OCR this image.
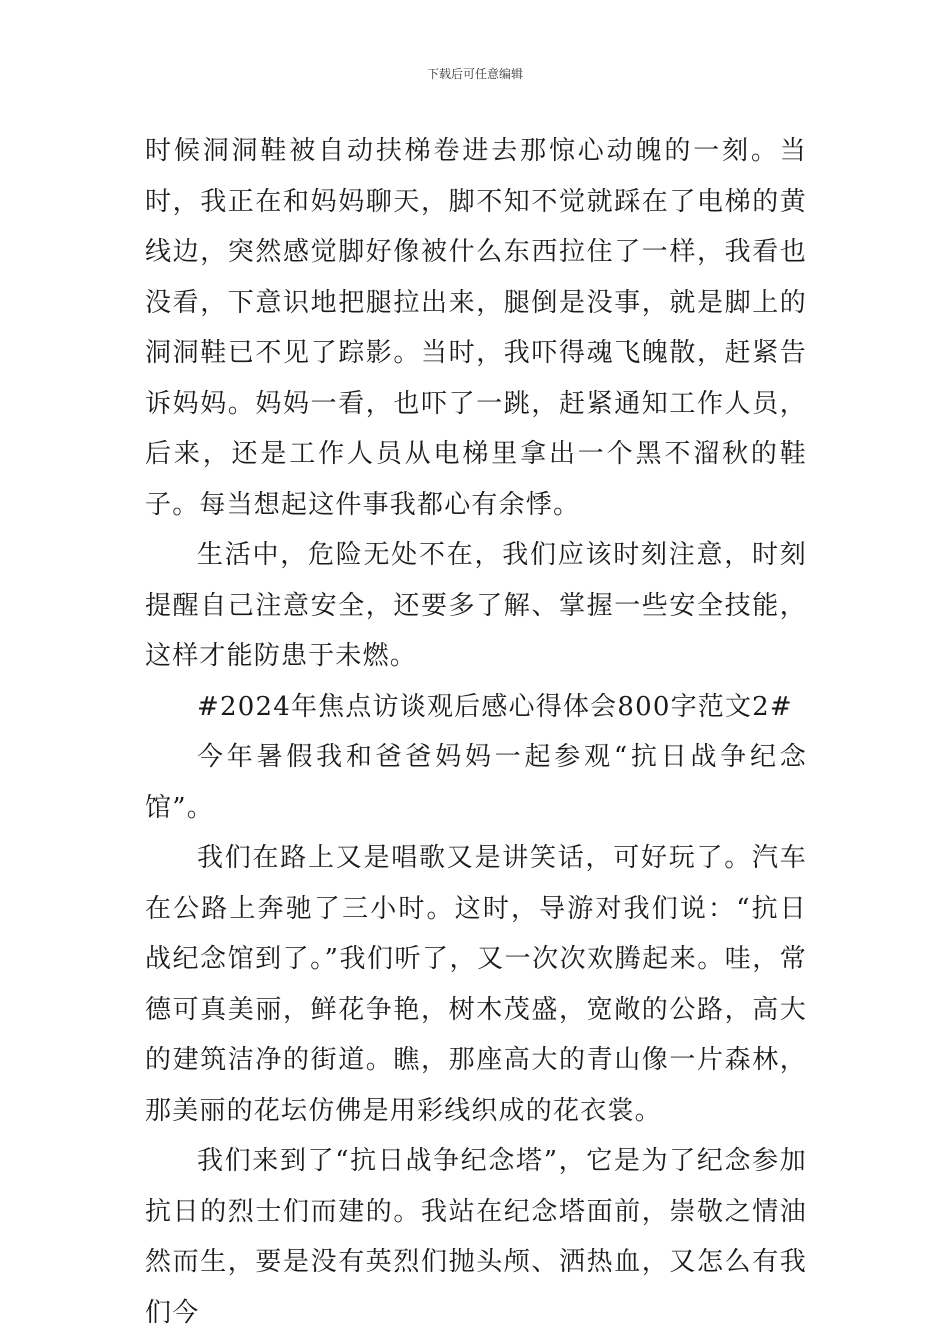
下载后可任意编辑

时候洞洞鞋被自动扶梯卷进去那惊心动魄的一刻。当时，我正在和妈妈聊天，脚不知不觉就踩在了电梯的黄线边，突然感觉脚好像被什么东西拉住了一样，我看也没看，下意识地把腿拉出来，腿倒是没事，就是脚上的洞洞鞋已不见了踪影。当时，我吓得魂飞魄散，赶紧告诉妈妈。妈妈一看，也吓了一跳，赶紧通知工作人员，后来，还是工作人员从电梯里拿出一个黑不溜秋的鞋子。每当想起这件事我都心有余悸。

生活中，危险无处不在，我们应该时刻注意，时刻提醒自己注意安全，还要多了解、掌握一些安全技能，这样才能防患于未燃。

#2024年焦点访谈观后感心得体会800字范文2#

今年暑假我和爸爸妈妈一起参观“抗日战争纪念馆”。

我们在路上又是唱歌又是讲笑话，可好玩了。汽车在公路上奔驰了三小时。这时，导游对我们说：“抗日战纪念馆到了。”我们听了，又一次次欢腾起来。哇，常德可真美丽，鲜花争艳，树木茂盛，宽敞的公路，高大的建筑洁净的街道。瞧，那座高大的青山像一片森林，那美丽的花坛仿佛是用彩线织成的花衣裳。

我们来到了“抗日战争纪念塔”，它是为了纪念参加抗日的烈士们而建的。我站在纪念塔面前，崇敬之情油然而生，要是没有英烈们抛头颅、洒热血，又怎么有我们今
